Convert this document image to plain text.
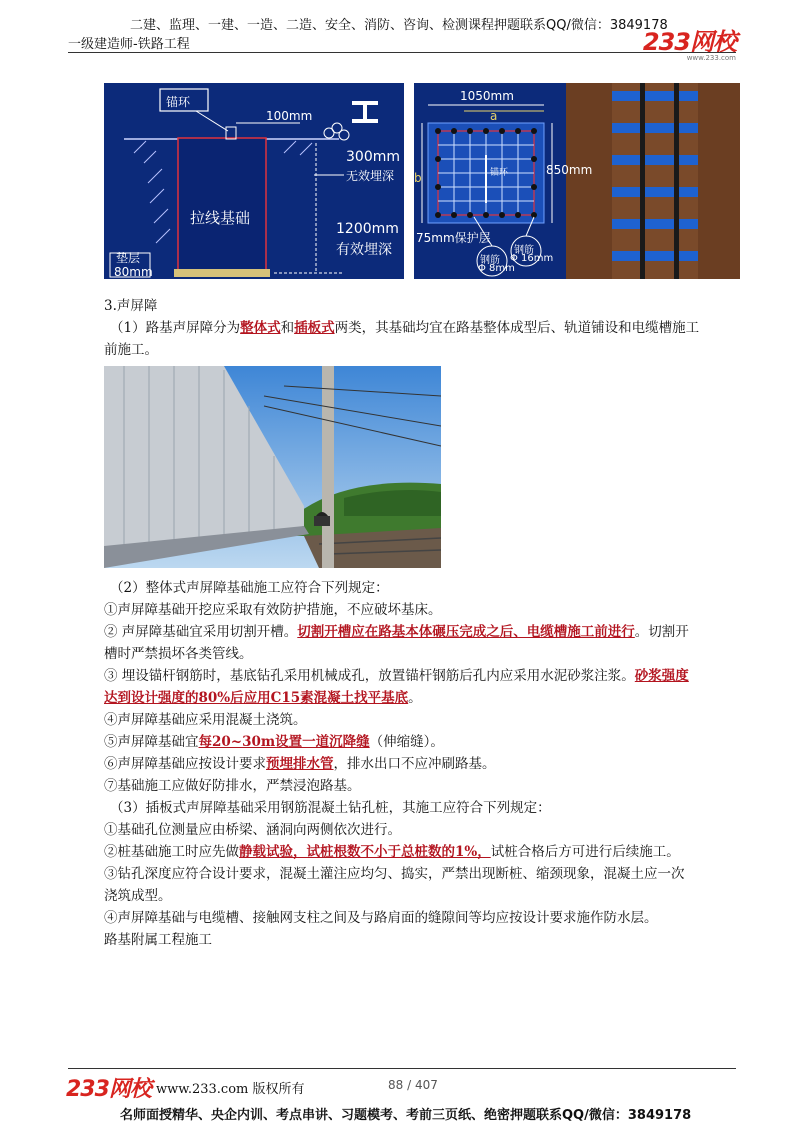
二建、监理、一建、一造、二造、安全、消防、咨询、检测课程押题联系QQ/微信：3849178
一级建造师-铁路工程	233网校
www.233.com
锚环
100mm
300mm
无效埋深
拉线基础
1200mm
有效埋深
垫层
80mm
1050mm
a
b
850mm
75mm保护层
钢筋
Φ 8mm
钢筋
Φ 16mm
锚环
3.声屏障
（1）路基声屏障分为整体式和插板式两类，其基础均宜在路基整体成型后、轨道铺设和电缆槽施工
前施工。
（2）整体式声屏障基础施工应符合下列规定：
①声屏障基础开挖应采取有效防护措施，不应破坏基床。
② 声屏障基础宜采用切割开槽。切割开槽应在路基本体碾压完成之后、电缆槽施工前进行。切割开
槽时严禁损坏各类管线。
③ 埋设锚杆钢筋时，基底钻孔采用机械成孔，放置锚杆钢筋后孔内应采用水泥砂浆注浆。砂浆强度
达到设计强度的80%后应用C15素混凝土找平基底。
④声屏障基础应采用混凝土浇筑。
⑤声屏障基础宜每20~30m设置一道沉降缝（伸缩缝）。
⑥声屏障基础应按设计要求预埋排水管，排水出口不应冲刷路基。
⑦基础施工应做好防排水，严禁浸泡路基。
（3）插板式声屏障基础采用钢筋混凝土钻孔桩，其施工应符合下列规定：
①基础孔位测量应由桥梁、涵洞向两侧依次进行。
②桩基础施工时应先做静载试验，试桩根数不小于总桩数的1%，试桩合格后方可进行后续施工。
③钻孔深度应符合设计要求，混凝土灌注应均匀、捣实，严禁出现断桩、缩颈现象，混凝土应一次
浇筑成型。
④声屏障基础与电缆槽、接触网支柱之间及与路肩面的缝隙间等均应按设计要求施作防水层。
路基附属工程施工
233网校 www.233.com 版权所有	88 / 407
名师面授精华、央企内训、考点串讲、习题模考、考前三页纸、绝密押题联系QQ/微信：3849178
